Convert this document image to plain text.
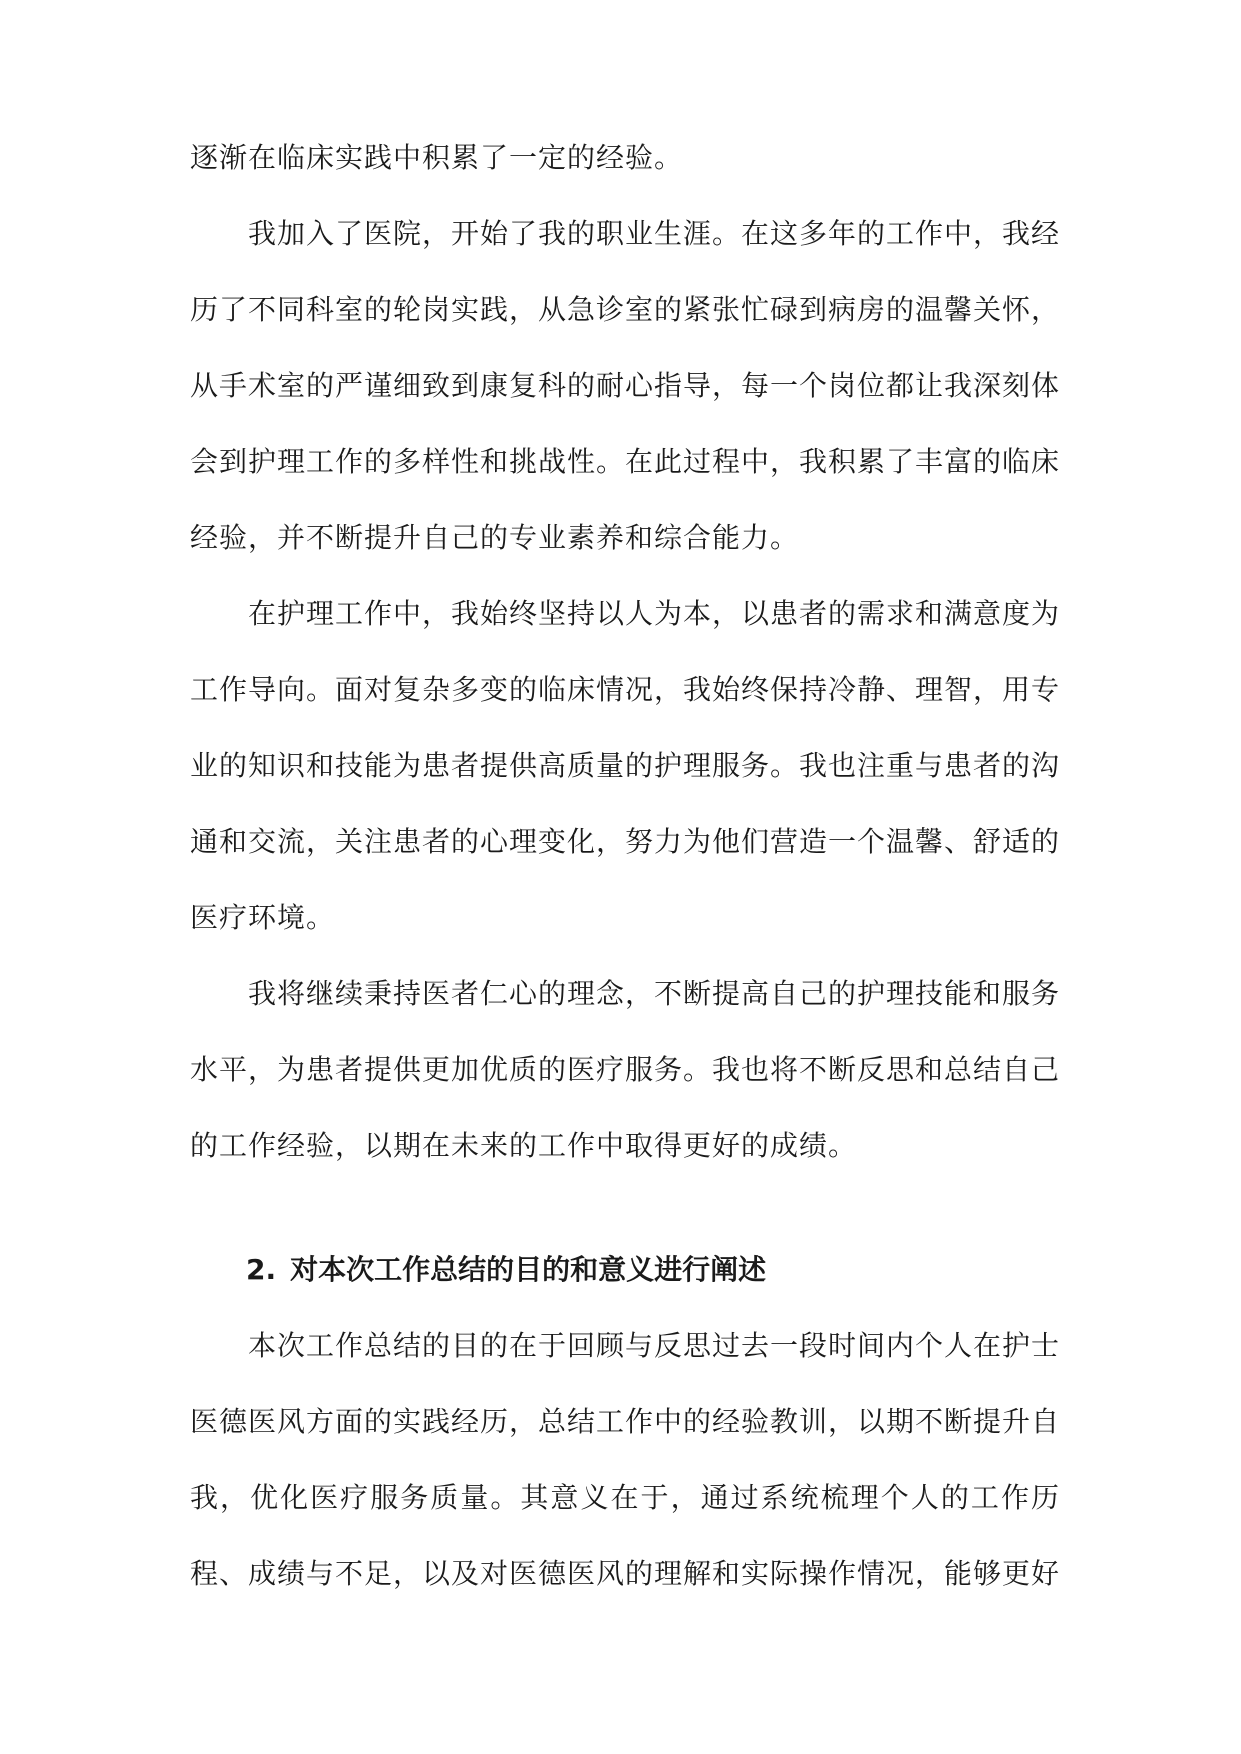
逐渐在临床实践中积累了一定的经验。

我加入了医院，开始了我的职业生涯。在这多年的工作中，我经历了不同科室的轮岗实践，从急诊室的紧张忙碌到病房的温馨关怀，从手术室的严谨细致到康复科的耐心指导，每一个岗位都让我深刻体会到护理工作的多样性和挑战性。在此过程中，我积累了丰富的临床经验，并不断提升自己的专业素养和综合能力。

在护理工作中，我始终坚持以人为本，以患者的需求和满意度为工作导向。面对复杂多变的临床情况，我始终保持冷静、理智，用专业的知识和技能为患者提供高质量的护理服务。我也注重与患者的沟通和交流，关注患者的心理变化，努力为他们营造一个温馨、舒适的医疗环境。

我将继续秉持医者仁心的理念，不断提高自己的护理技能和服务水平，为患者提供更加优质的医疗服务。我也将不断反思和总结自己的工作经验，以期在未来的工作中取得更好的成绩。

2. 对本次工作总结的目的和意义进行阐述

本次工作总结的目的在于回顾与反思过去一段时间内个人在护士医德医风方面的实践经历，总结工作中的经验教训，以期不断提升自我，优化医疗服务质量。其意义在于，通过系统梳理个人的工作历程、成绩与不足，以及对医德医风的理解和实际操作情况，能够更好
